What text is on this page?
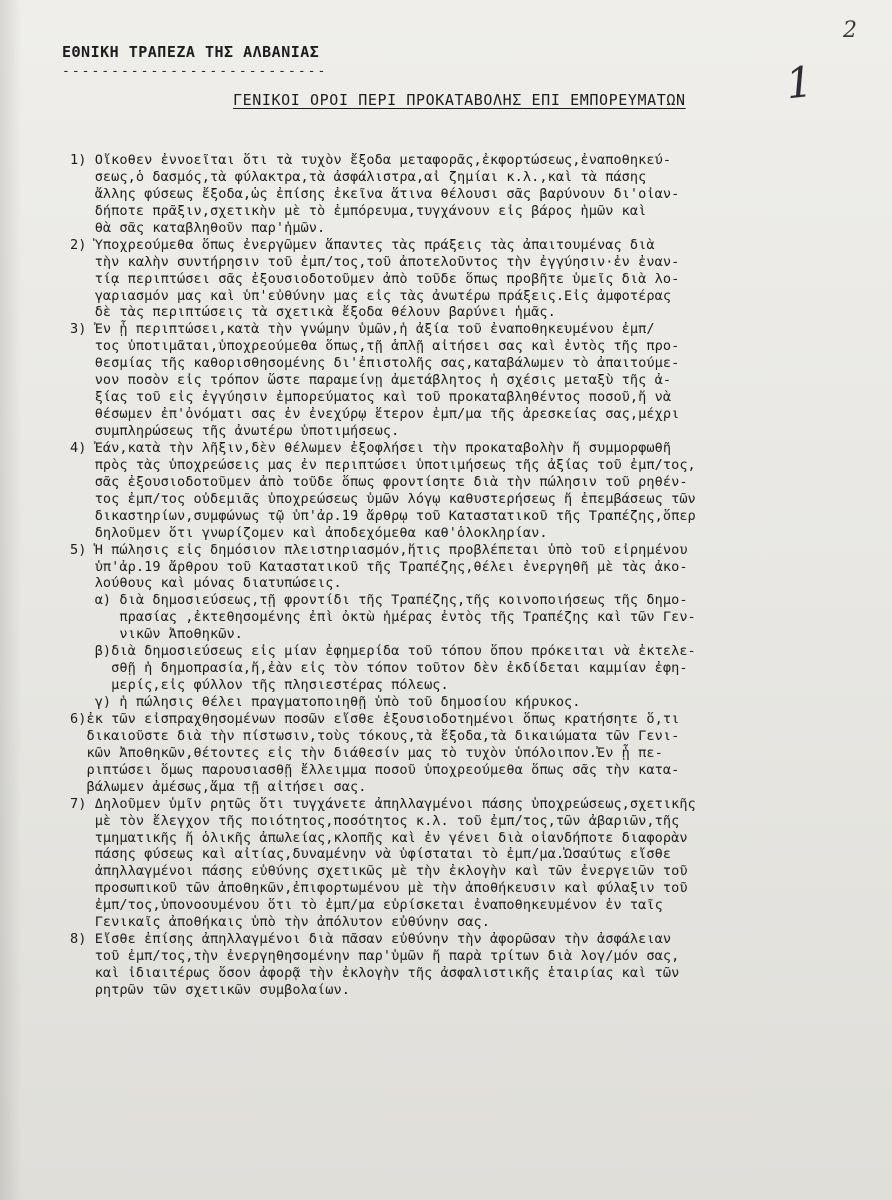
2
1
ΕΘΝΙΚΗ ΤΡΑΠΕΖΑ ΤΗΣ ΑΛΒΑΝΙΑΣ
---------------------------
ΓΕΝΙΚΟΙ ΟΡΟΙ ΠΕΡΙ ΠΡΟΚΑΤΑΒΟΛΗΣ ΕΠΙ ΕΜΠΟΡΕΥΜΑΤΩΝ
1) Οἴκοθεν ἐννοεῖται ὅτι τὰ τυχὸν ἔξοδα μεταφορᾶς,ἐκφορτώσεως,ἐναποθηκεύ-
σεως,ὁ δασμός,τὰ φύλακτρα,τὰ ἀσφάλιστρα,αἱ ζημίαι κ.λ.,καὶ τὰ πάσης
ἄλλης φύσεως ἔξοδα,ὡς ἐπίσης ἐκεῖνα ἅτινα θέλουσι σᾶς βαρύνουν δι'οἰαν-
δήποτε πρᾶξιν,σχετικὴν μὲ τὸ ἐμπόρευμα,τυγχάνουν εἰς βάρος ἡμῶν καὶ
θὰ σᾶς καταβληθοῦν παρ'ἡμῶν.
2) Ὑποχρεούμεθα ὅπως ἐνεργῶμεν ἅπαντες τὰς πράξεις τὰς ἀπαιτουμένας διὰ
τὴν καλὴν συντήρησιν τοῦ ἐμπ/τος,τοῦ ἀποτελοῦντος τὴν ἐγγύησιν·ἐν ἐναν-
τίᾳ περιπτώσει σᾶς ἐξουσιοδοτοῦμεν ἀπὸ τοῦδε ὅπως προβῆτε ὑμεῖς διὰ λο-
γαριασμόν μας καὶ ὑπ'εὐθύνην μας εἰς τὰς ἀνωτέρω πράξεις.Εἰς ἀμφοτέρας
δὲ τὰς περιπτώσεις τὰ σχετικὰ ἔξοδα θέλουν βαρύνει ἡμᾶς.
3) Ἐν ᾗ περιπτώσει,κατὰ τὴν γνώμην ὑμῶν,ἡ ἀξία τοῦ ἐναποθηκευμένου ἐμπ/
τος ὑποτιμᾶται,ὑποχρεούμεθα ὅπως,τῇ ἁπλῇ αἰτήσει σας καὶ ἐντὸς τῆς προ-
θεσμίας τῆς καθορισθησομένης δι'ἐπιστολῆς σας,καταβάλωμεν τὸ ἀπαιτούμε-
νον ποσὸν εἰς τρόπον ὥστε παραμείνῃ ἀμετάβλητος ἡ σχέσις μεταξὺ τῆς ἀ-
ξίας τοῦ εἰς ἐγγύησιν ἐμπορεύματος καὶ τοῦ προκαταβληθέντος ποσοῦ,ἤ νὰ
θέσωμεν ἐπ'ὀνόματι σας ἐν ἐνεχύρῳ ἕτερον ἐμπ/μα τῆς ἀρεσκείας σας,μέχρι
συμπληρώσεως τῆς ἀνωτέρω ὑποτιμήσεως.
4) Ἐάν,κατὰ τὴν λῆξιν,δὲν θέλωμεν ἐξοφλήσει τὴν προκαταβολὴν ἤ συμμορφωθῆ
πρὸς τὰς ὑποχρεώσεις μας ἐν περιπτώσει ὑποτιμήσεως τῆς ἀξίας τοῦ ἐμπ/τος,
σᾶς ἐξουσιοδοτοῦμεν ἀπὸ τοῦδε ὅπως φροντίσητε διὰ τὴν πώλησιν τοῦ ρηθέν-
τος ἐμπ/τος οὐδεμιᾶς ὑποχρεώσεως ὑμῶν λόγῳ καθυστερήσεως ἤ ἐπεμβάσεως τῶν
δικαστηρίων,συμφώνως τῷ ὑπ'ἀρ.19 ἄρθρῳ τοῦ Καταστατικοῦ τῆς Τραπέζης,ὅπερ
δηλοῦμεν ὅτι γνωρίζομεν καὶ ἀποδεχόμεθα καθ'ὁλοκληρίαν.
5) Ἡ πώλησις εἰς δημόσιον πλειστηριασμόν,ἥτις προβλέπεται ὑπὸ τοῦ εἰρημένου
ὑπ'ἀρ.19 ἄρθρου τοῦ Καταστατικοῦ τῆς Τραπέζης,θέλει ἐνεργηθῆ μὲ τὰς ἀκο-
λούθους καὶ μόνας διατυπώσεις.
α) διὰ δημοσιεύσεως,τῇ φροντίδι τῆς Τραπέζης,τῆς κοινοποιήσεως τῆς δημο-
πρασίας ,ἐκτεθησομένης ἐπὶ ὀκτὼ ἡμέρας ἐντὸς τῆς Τραπέζης καὶ τῶν Γεν-
νικῶν Ἀποθηκῶν.
β)διὰ δημοσιεύσεως εἰς μίαν ἐφημερίδα τοῦ τόπου ὅπου πρόκειται νὰ ἐκτελε-
σθῇ ἡ δημοπρασία,ἤ,ἐὰν εἰς τὸν τόπον τοῦτον δὲν ἐκδίδεται καμμίαν ἐφη-
μερίς,εἰς φύλλον τῆς πλησιεστέρας πόλεως.
γ) ἡ πώλησις θέλει πραγματοποιηθῇ ὑπὸ τοῦ δημοσίου κήρυκος.
6)ἐκ τῶν εἰσπραχθησομένων ποσῶν εἴσθε ἐξουσιοδοτημένοι ὅπως κρατήσητε ὅ,τι
δικαιοῦστε διὰ τὴν πίστωσιν,τοὺς τόκους,τὰ ἔξοδα,τὰ δικαιώματα τῶν Γενι-
κῶν Ἀποθηκῶν,θέτοντες εἰς τὴν διάθεσίν μας τὸ τυχὸν ὑπόλοιπον.Ἐν ᾗ πε-
ριπτώσει ὅμως παρουσιασθῇ ἔλλειμμα ποσοῦ ὑποχρεούμεθα ὅπως σᾶς τὴν κατα-
βάλωμεν ἀμέσως,ἅμα τῇ αἰτήσει σας.
7) Δηλοῦμεν ὑμῖν ρητῶς ὅτι τυγχάνετε ἀπηλλαγμένοι πάσης ὑποχρεώσεως,σχετικῆς
μὲ τὸν ἔλεγχον τῆς ποιότητος,ποσότητος κ.λ. τοῦ ἐμπ/τος,τῶν ἀβαριῶν,τῆς
τμηματικῆς ἤ ὁλικῆς ἀπωλείας,κλοπῆς καὶ ἐν γένει διὰ οἱανδήποτε διαφορὰν
πάσης φύσεως καὶ αἰτίας,δυναμένην νὰ ὑφίσταται τὸ ἐμπ/μα.Ὡσαύτως εἴσθε
ἀπηλλαγμένοι πάσης εὐθύνης σχετικῶς μὲ τὴν ἐκλογὴν καὶ τῶν ἐνεργειῶν τοῦ
προσωπικοῦ τῶν ἀποθηκῶν,ἐπιφορτωμένου μὲ τὴν ἀποθήκευσιν καὶ φύλαξιν τοῦ
ἐμπ/τος,ὑπονοουμένου ὅτι τὸ ἐμπ/μα εὑρίσκεται ἐναποθηκευμένον ἐν ταῖς
Γενικαῖς ἀποθήκαις ὑπὸ τὴν ἀπόλυτον εὐθύνην σας.
8) Εἴσθε ἐπίσης ἀπηλλαγμένοι διὰ πᾶσαν εὐθύνην τὴν ἀφορῶσαν τὴν ἀσφάλειαν
τοῦ ἐμπ/τος,τὴν ἐνεργηθησομένην παρ'ὑμῶν ἤ παρὰ τρίτων διὰ λογ/μόν σας,
καὶ ἰδιαιτέρως ὅσον ἀφορᾷ τὴν ἐκλογὴν τῆς ἀσφαλιστικῆς ἑταιρίας καὶ τῶν
ρητρῶν τῶν σχετικῶν συμβολαίων.
